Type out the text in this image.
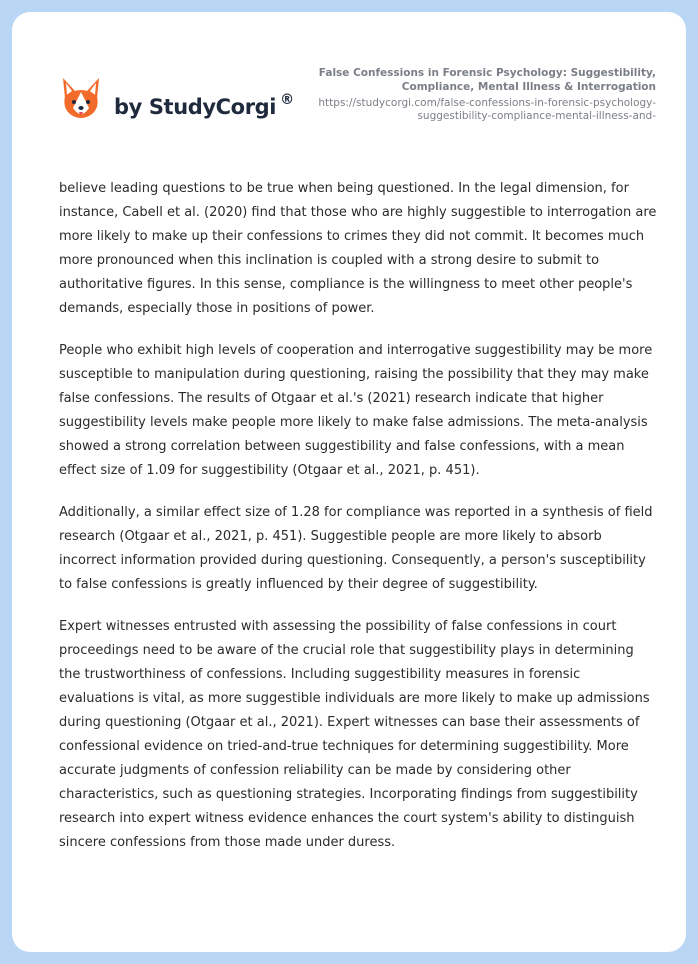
by StudyCorgi ®
False Confessions in Forensic Psychology: Suggestibility, Compliance, Mental Illness & Interrogation
https://studycorgi.com/false-confessions-in-forensic-psychology-suggestibility-compliance-mental-illness-and-

believe leading questions to be true when being questioned. In the legal dimension, for instance, Cabell et al. (2020) find that those who are highly suggestible to interrogation are more likely to make up their confessions to crimes they did not commit. It becomes much more pronounced when this inclination is coupled with a strong desire to submit to authoritative figures. In this sense, compliance is the willingness to meet other people's demands, especially those in positions of power.

People who exhibit high levels of cooperation and interrogative suggestibility may be more susceptible to manipulation during questioning, raising the possibility that they may make false confessions. The results of Otgaar et al.'s (2021) research indicate that higher suggestibility levels make people more likely to make false admissions. The meta-analysis showed a strong correlation between suggestibility and false confessions, with a mean effect size of 1.09 for suggestibility (Otgaar et al., 2021, p. 451).

Additionally, a similar effect size of 1.28 for compliance was reported in a synthesis of field research (Otgaar et al., 2021, p. 451). Suggestible people are more likely to absorb incorrect information provided during questioning. Consequently, a person's susceptibility to false confessions is greatly influenced by their degree of suggestibility.

Expert witnesses entrusted with assessing the possibility of false confessions in court proceedings need to be aware of the crucial role that suggestibility plays in determining the trustworthiness of confessions. Including suggestibility measures in forensic evaluations is vital, as more suggestible individuals are more likely to make up admissions during questioning (Otgaar et al., 2021). Expert witnesses can base their assessments of confessional evidence on tried-and-true techniques for determining suggestibility. More accurate judgments of confession reliability can be made by considering other characteristics, such as questioning strategies. Incorporating findings from suggestibility research into expert witness evidence enhances the court system's ability to distinguish sincere confessions from those made under duress.
